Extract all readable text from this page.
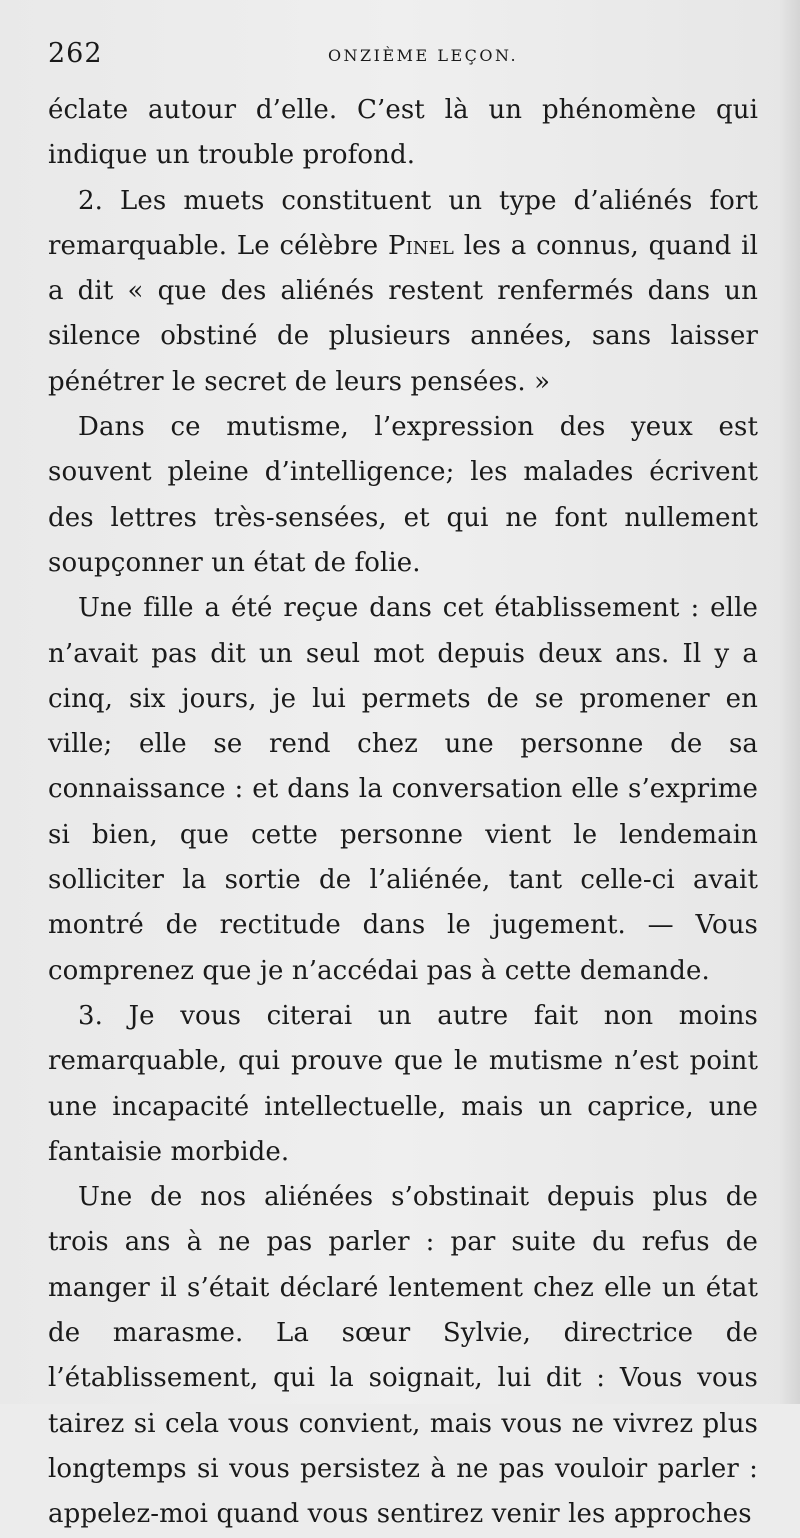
262	ONZIÈME LEÇON.

éclate autour d’elle. C’est là un phénomène qui indique un trouble profond.

2. Les muets constituent un type d’aliénés fort remarquable. Le célèbre Pinel les a connus, quand il a dit « que des aliénés restent renfermés dans un silence obstiné de plusieurs années, sans laisser pénétrer le secret de leurs pensées. »

Dans ce mutisme, l’expression des yeux est souvent pleine d’intelligence; les malades écrivent des lettres très-sensées, et qui ne font nullement soupçonner un état de folie.

Une fille a été reçue dans cet établissement : elle n’avait pas dit un seul mot depuis deux ans. Il y a cinq, six jours, je lui permets de se promener en ville; elle se rend chez une personne de sa connaissance : et dans la conversation elle s’exprime si bien, que cette personne vient le lendemain solliciter la sortie de l’aliénée, tant celle-ci avait montré de rectitude dans le jugement. — Vous comprenez que je n’accédai pas à cette demande.

3. Je vous citerai un autre fait non moins remarquable, qui prouve que le mutisme n’est point une incapacité intellectuelle, mais un caprice, une fantaisie morbide.

Une de nos aliénées s’obstinait depuis plus de trois ans à ne pas parler : par suite du refus de manger il s’était déclaré lentement chez elle un état de marasme. La sœur Sylvie, directrice de l’établissement, qui la soignait, lui dit : Vous vous tairez si cela vous convient, mais vous ne vivrez plus longtemps si vous persistez à ne pas vouloir parler : appelez-moi quand vous sentirez venir les approches
